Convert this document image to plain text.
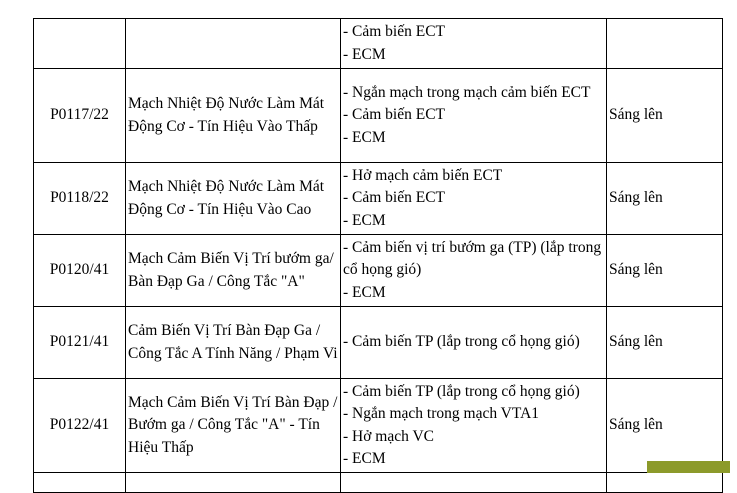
		- Cảm biến ECT
- ECM	

P0117/22	Mạch Nhiệt Độ Nước Làm Mát Động Cơ - Tín Hiệu Vào Thấp	- Ngắn mạch trong mạch cảm biến ECT
- Cảm biến ECT
- ECM	Sáng lên
P0118/22	Mạch Nhiệt Độ Nước Làm Mát Động Cơ - Tín Hiệu Vào Cao	- Hở mạch cảm biến ECT
- Cảm biến ECT
- ECM	Sáng lên
P0120/41	Mạch Cảm Biến Vị Trí bướm ga/ Bàn Đạp Ga / Công Tắc "A"	- Cảm biến vị trí bướm ga (TP) (lắp trong cổ họng gió)
- ECM	Sáng lên
P0121/41	Cảm Biến Vị Trí Bàn Đạp Ga / Công Tắc A Tính Năng / Phạm Vi	- Cảm biến TP (lắp trong cổ họng gió)	Sáng lên
P0122/41	Mạch Cảm Biến Vị Trí Bàn Đạp / Bướm ga / Công Tắc "A" - Tín Hiệu Thấp	- Cảm biến TP (lắp trong cổ họng gió)
- Ngắn mạch trong mạch VTA1
- Hở mạch VC
- ECM	Sáng lên
